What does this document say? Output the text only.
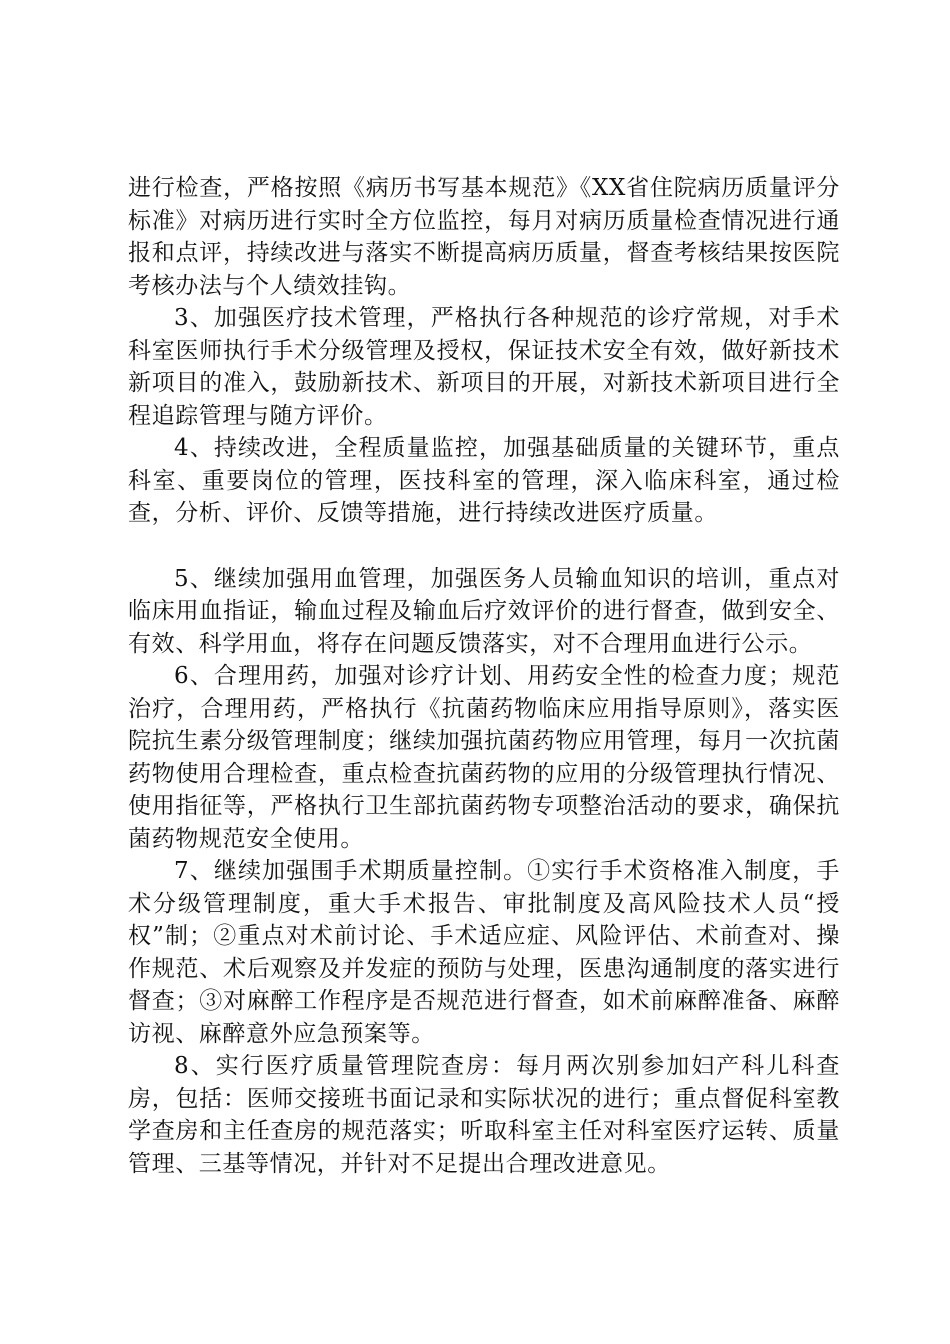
进行检查，严格按照《病历书写基本规范》《XX省住院病历质量评分标准》对病历进行实时全方位监控，每月对病历质量检查情况进行通报和点评，持续改进与落实不断提高病历质量，督查考核结果按医院考核办法与个人绩效挂钩。

3、加强医疗技术管理，严格执行各种规范的诊疗常规，对手术科室医师执行手术分级管理及授权，保证技术安全有效，做好新技术新项目的准入，鼓励新技术、新项目的开展，对新技术新项目进行全程追踪管理与随方评价。

4、持续改进，全程质量监控，加强基础质量的关键环节，重点科室、重要岗位的管理，医技科室的管理，深入临床科室，通过检查，分析、评价、反馈等措施，进行持续改进医疗质量。

5、继续加强用血管理，加强医务人员输血知识的培训，重点对临床用血指证，输血过程及输血后疗效评价的进行督查，做到安全、有效、科学用血，将存在问题反馈落实，对不合理用血进行公示。

6、合理用药，加强对诊疗计划、用药安全性的检查力度；规范治疗，合理用药，严格执行《抗菌药物临床应用指导原则》，落实医院抗生素分级管理制度；继续加强抗菌药物应用管理，每月一次抗菌药物使用合理检查，重点检查抗菌药物的应用的分级管理执行情况、使用指征等，严格执行卫生部抗菌药物专项整治活动的要求，确保抗菌药物规范安全使用。

7、继续加强围手术期质量控制。①实行手术资格准入制度，手术分级管理制度，重大手术报告、审批制度及高风险技术人员“授权”制；②重点对术前讨论、手术适应症、风险评估、术前查对、操作规范、术后观察及并发症的预防与处理，医患沟通制度的落实进行督查；③对麻醉工作程序是否规范进行督查，如术前麻醉准备、麻醉访视、麻醉意外应急预案等。

8、实行医疗质量管理院查房：每月两次别参加妇产科儿科查房，包括：医师交接班书面记录和实际状况的进行；重点督促科室教学查房和主任查房的规范落实；听取科室主任对科室医疗运转、质量管理、三基等情况，并针对不足提出合理改进意见。
